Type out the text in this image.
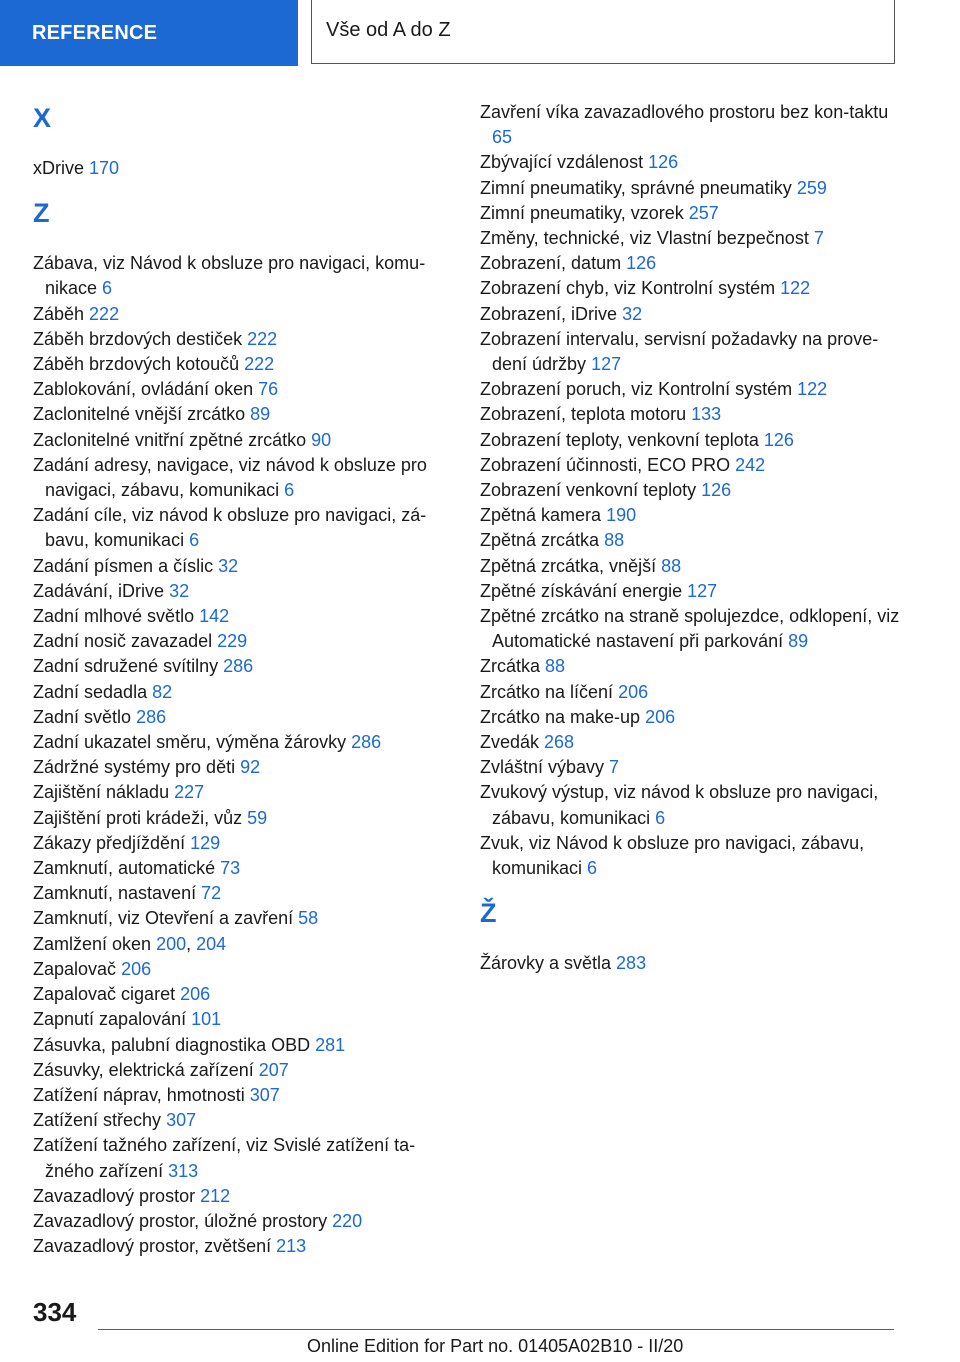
REFERENCE	Vše od A do Z
X
xDrive 170
Z
Zábava, viz Návod k obsluze pro navigaci, komu‐nikace 6
Záběh 222
Záběh brzdových destiček 222
Záběh brzdových kotoučů 222
Zablokování, ovládání oken 76
Zaclonitelné vnější zrcátko 89
Zaclonitelné vnitřní zpětné zrcátko 90
Zadání adresy, navigace, viz návod k obsluze pro navigaci, zábavu, komunikaci 6
Zadání cíle, viz návod k obsluze pro navigaci, zá‐bavu, komunikaci 6
Zadání písmen a číslic 32
Zadávání, iDrive 32
Zadní mlhové světlo 142
Zadní nosič zavazadel 229
Zadní sdružené svítilny 286
Zadní sedadla 82
Zadní světlo 286
Zadní ukazatel směru, výměna žárovky 286
Zádržné systémy pro děti 92
Zajištění nákladu 227
Zajištění proti krádeži, vůz 59
Zákazy předjíždění 129
Zamknutí, automatické 73
Zamknutí, nastavení 72
Zamknutí, viz Otevření a zavření 58
Zamlžení oken 200, 204
Zapalovač 206
Zapalovač cigaret 206
Zapnutí zapalování 101
Zásuvka, palubní diagnostika OBD 281
Zásuvky, elektrická zařízení 207
Zatížení náprav, hmotnosti 307
Zatížení střechy 307
Zatížení tažného zařízení, viz Svislé zatížení ta‐žného zařízení 313
Zavazadlový prostor 212
Zavazadlový prostor, úložné prostory 220
Zavazadlový prostor, zvětšení 213
Zavření víka zavazadlového prostoru bez kon‐taktu 65
Zbývající vzdálenost 126
Zimní pneumatiky, správné pneumatiky 259
Zimní pneumatiky, vzorek 257
Změny, technické, viz Vlastní bezpečnost 7
Zobrazení, datum 126
Zobrazení chyb, viz Kontrolní systém 122
Zobrazení, iDrive 32
Zobrazení intervalu, servisní požadavky na prove‐dení údržby 127
Zobrazení poruch, viz Kontrolní systém 122
Zobrazení, teplota motoru 133
Zobrazení teploty, venkovní teplota 126
Zobrazení účinnosti, ECO PRO 242
Zobrazení venkovní teploty 126
Zpětná kamera 190
Zpětná zrcátka 88
Zpětná zrcátka, vnější 88
Zpětné získávání energie 127
Zpětné zrcátko na straně spolujezdce, odklopení, viz Automatické nastavení při parkování 89
Zrcátka 88
Zrcátko na líčení 206
Zrcátko na make-up 206
Zvedák 268
Zvláštní výbavy 7
Zvukový výstup, viz návod k obsluze pro navigaci, zábavu, komunikaci 6
Zvuk, viz Návod k obsluze pro navigaci, zábavu, komunikaci 6
Ž
Žárovky a světla 283
334
Online Edition for Part no. 01405A02B10 - II/20
